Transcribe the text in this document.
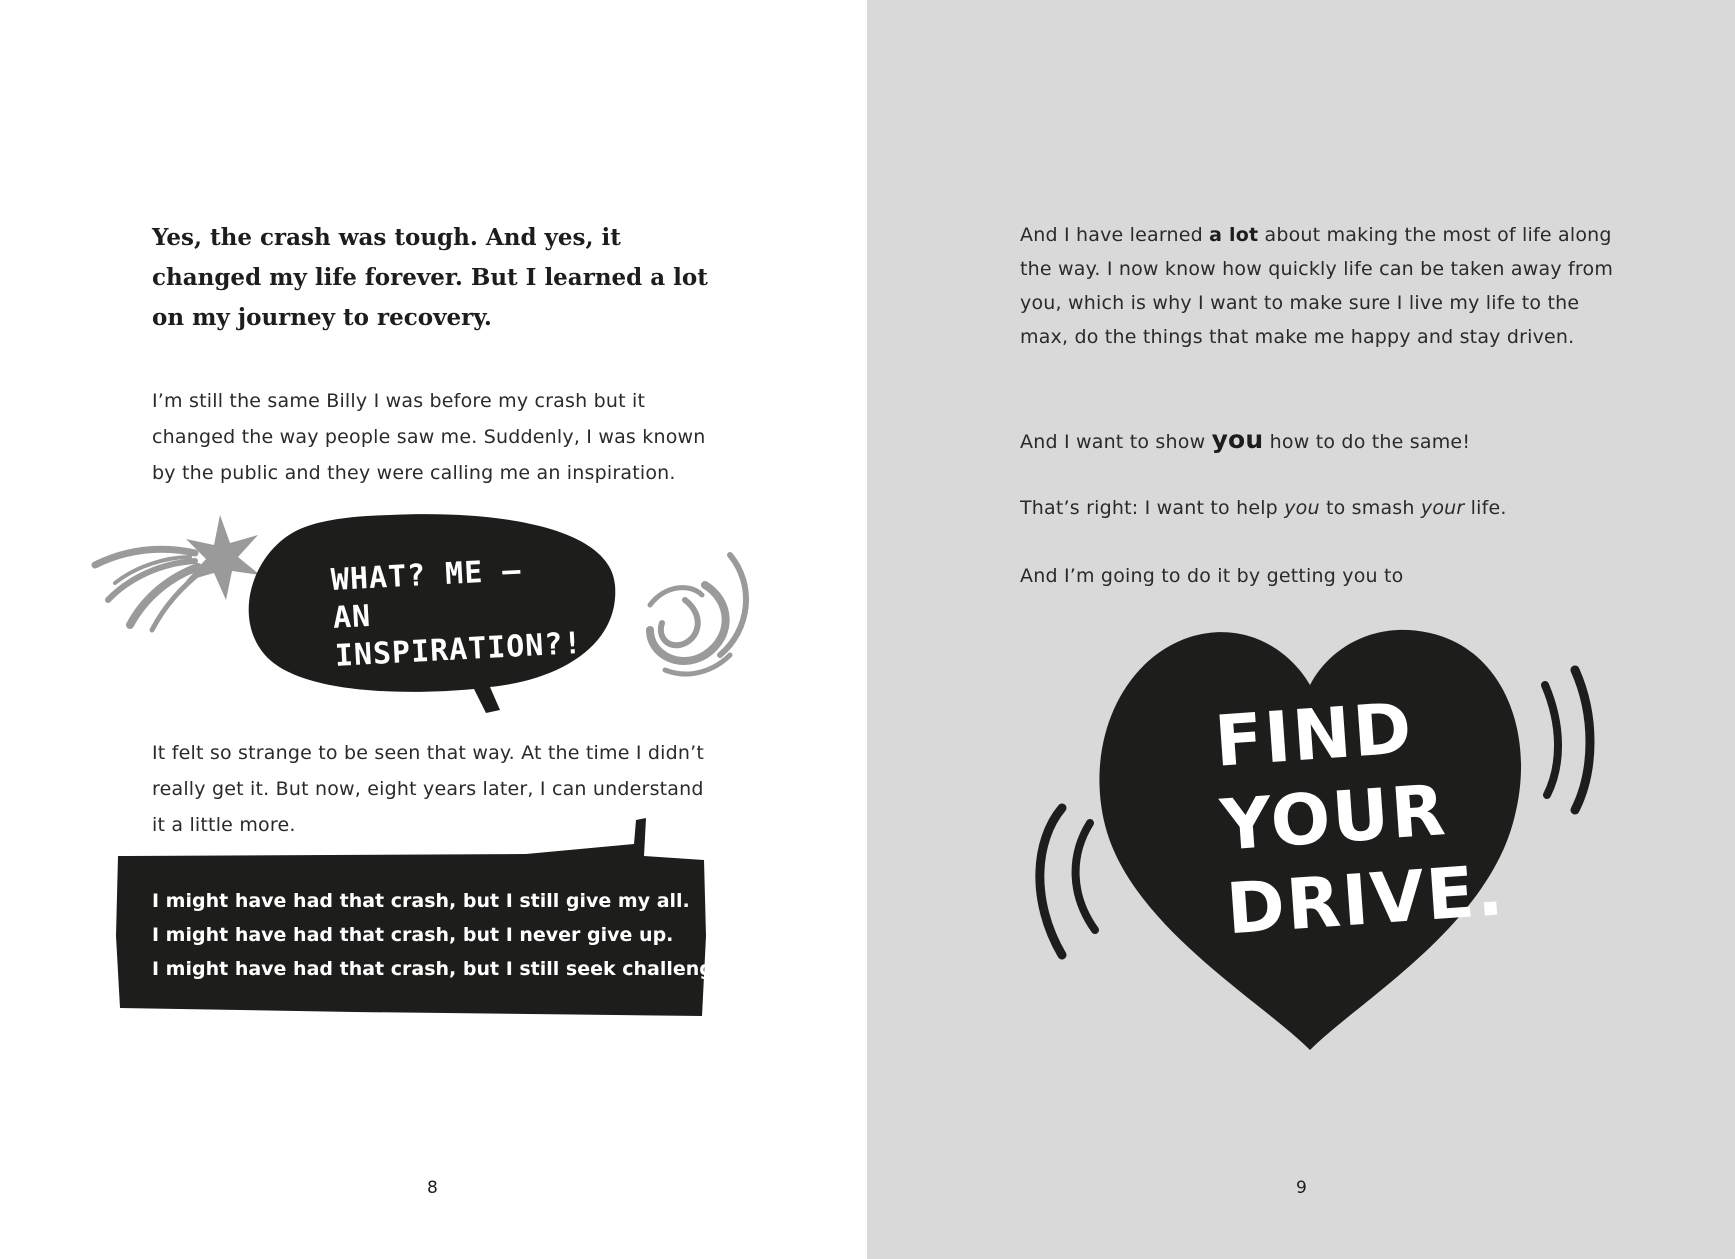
Yes, the crash was tough. And yes, it changed my life forever. But I learned a lot on my journey to recovery.

I’m still the same Billy I was before my crash but it changed the way people saw me. Suddenly, I was known by the public and they were calling me an inspiration.

WHAT? ME –
AN INSPIRATION?!

It felt so strange to be seen that way. At the time I didn’t really get it. But now, eight years later, I can understand it a little more.

I might have had that crash, but I still give my all.
I might have had that crash, but I never give up.
I might have had that crash, but I still seek challenge.
8

And I have learned a lot about making the most of life along the way. I now know how quickly life can be taken away from you, which is why I want to make sure I live my life to the max, do the things that make me happy and stay driven.

And I want to show you how to do the same!

That’s right: I want to help you to smash your life.

And I’m going to do it by getting you to

FIND
YOUR
DRIVE.
9
